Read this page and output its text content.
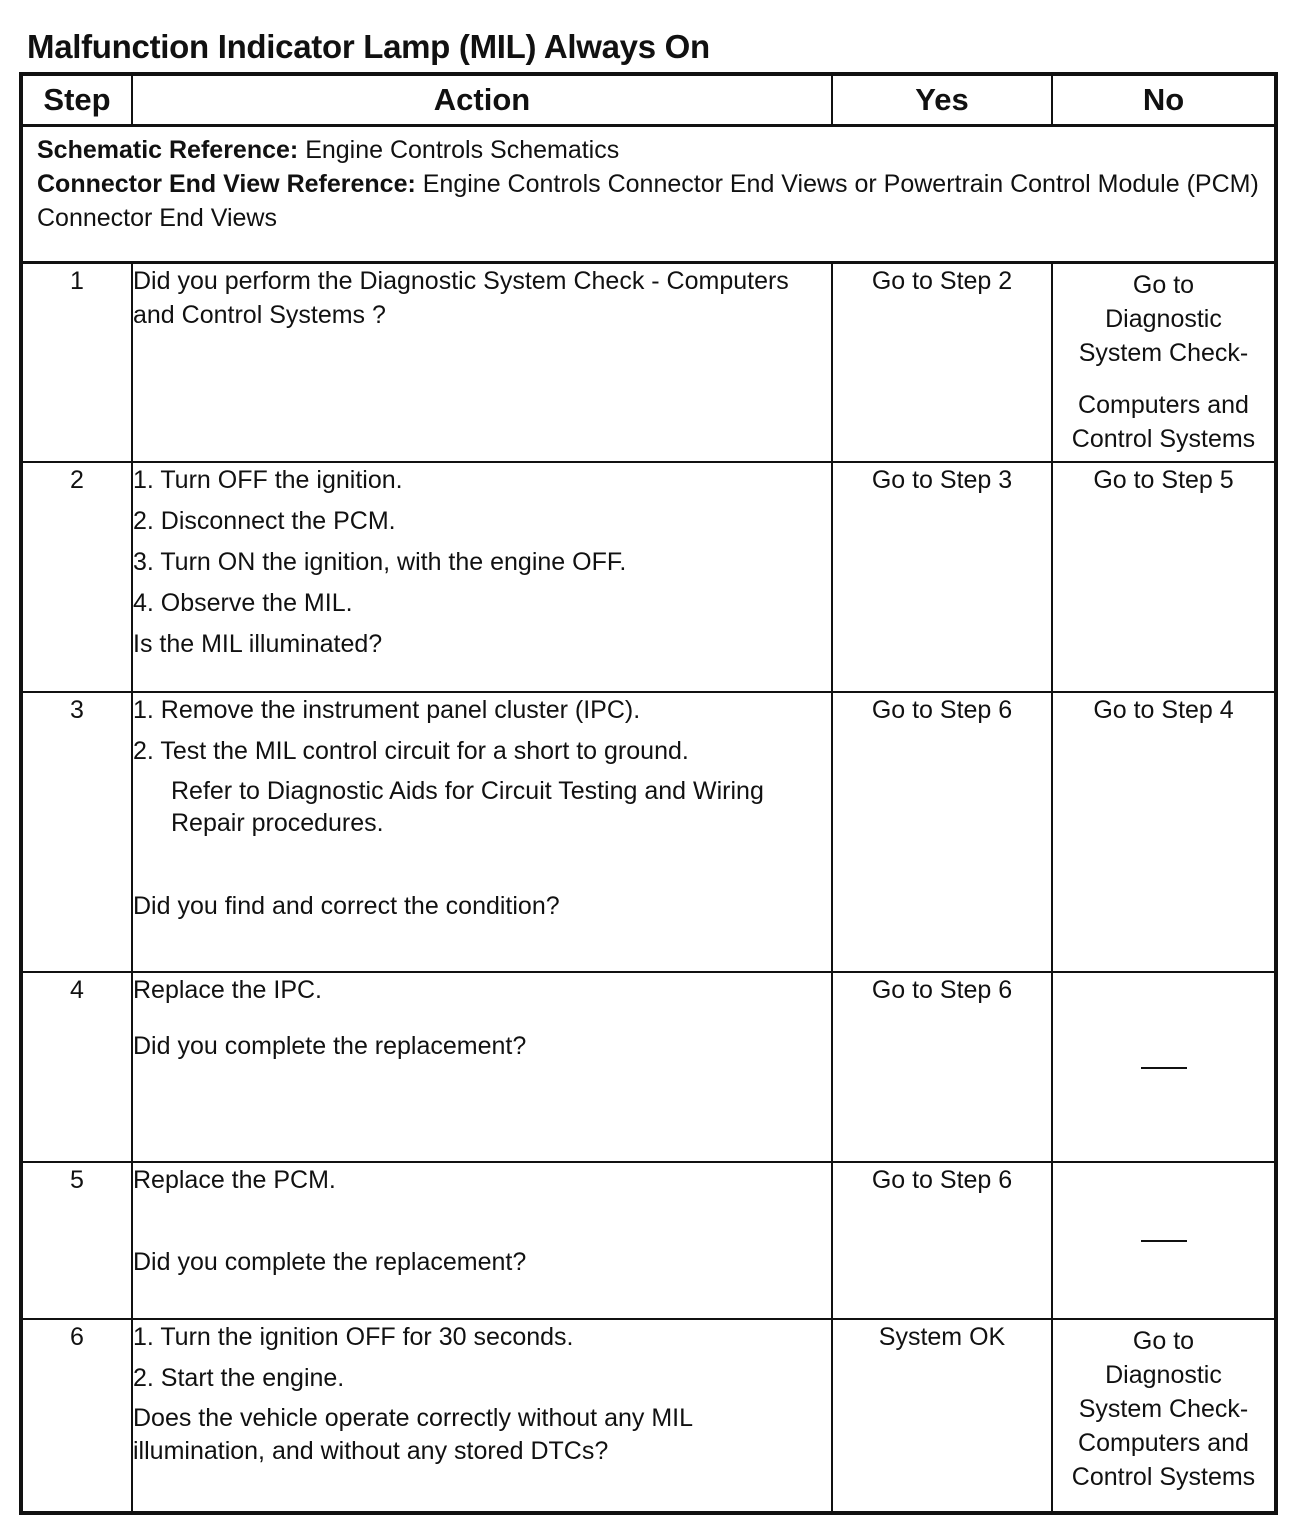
Malfunction Indicator Lamp (MIL) Always On
Step	Action	Yes	No

Schematic Reference: Engine Controls Schematics
Connector End View Reference: Engine Controls Connector End Views or Powertrain Control Module (PCM) Connector End Views			

1	Did you perform the Diagnostic System Check - Computers and Control Systems ?	Go to Step 2	Go to
Diagnostic
System Check-
Computers and
Control Systems

2	1. Turn OFF the ignition.
2. Disconnect the PCM.
3. Turn ON the ignition, with the engine OFF.
4. Observe the MIL.
Is the MIL illuminated?	Go to Step 3	Go to Step 5
3	1. Remove the instrument panel cluster (IPC).
2. Test the MIL control circuit for a short to ground.
Refer to Diagnostic Aids for Circuit Testing and Wiring Repair procedures.
Did you find and correct the condition?	Go to Step 6	Go to Step 4
4	Replace the IPC.
Did you complete the replacement?	Go to Step 6	
5	Replace the PCM.
Did you complete the replacement?	Go to Step 6	
6	1. Turn the ignition OFF for 30 seconds.
2. Start the engine.
Does the vehicle operate correctly without any MIL illumination, and without any stored DTCs?	System OK	Go to
Diagnostic
System Check-
Computers and
Control Systems
